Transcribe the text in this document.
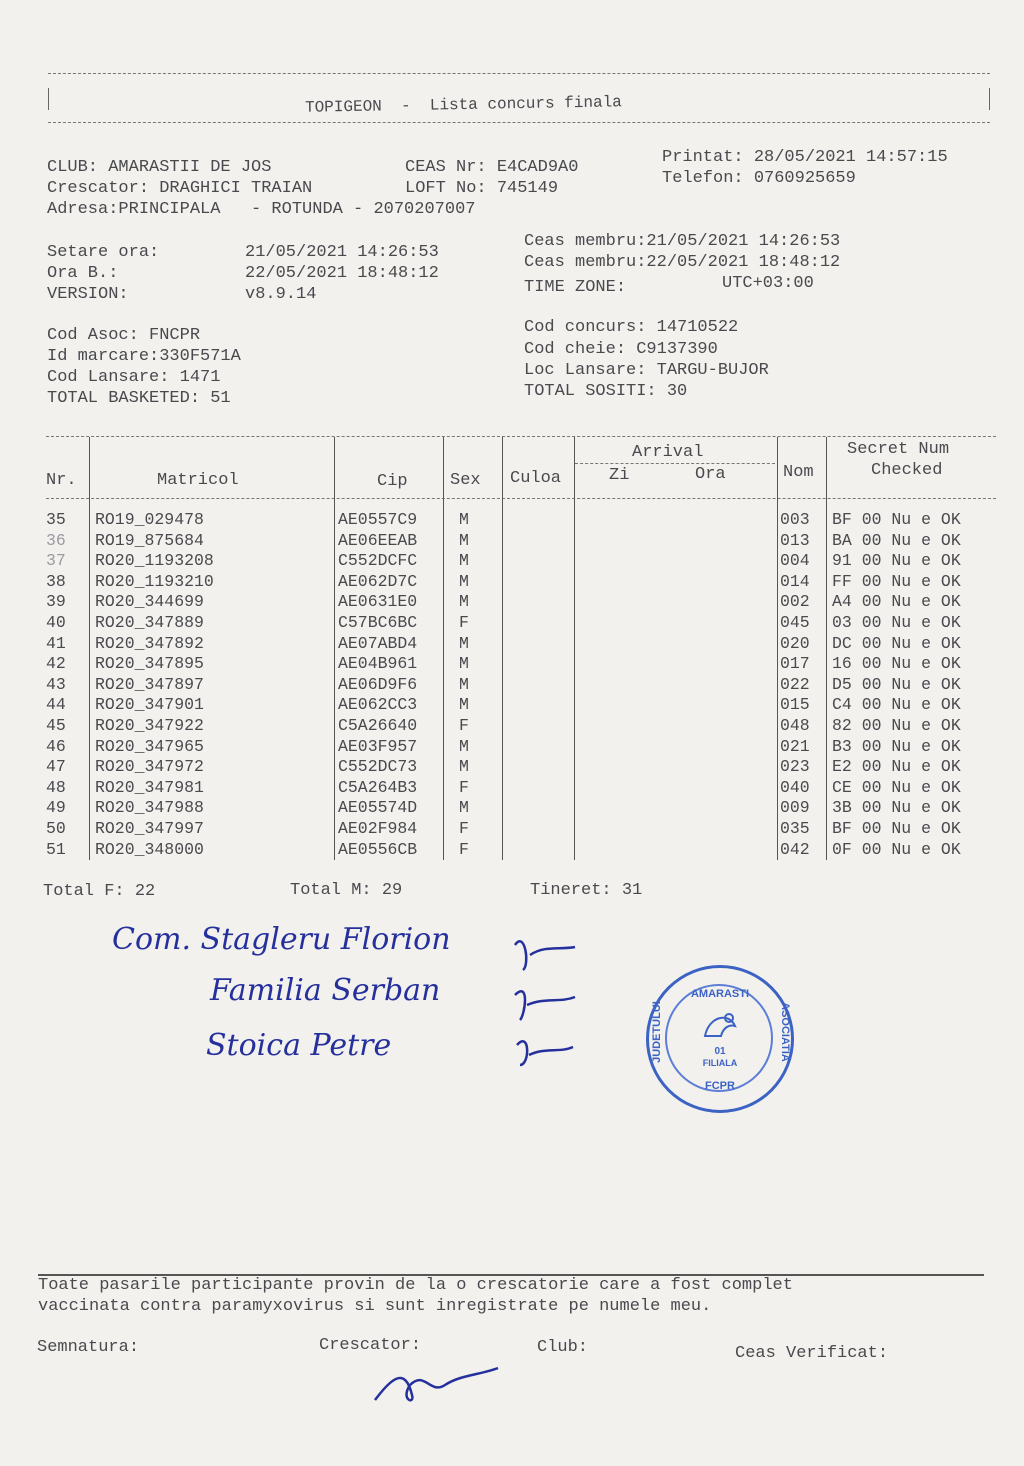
TOPIGEON  -  Lista concurs finala
CLUB: AMARASTII DE JOS
Crescator: DRAGHICI TRAIAN
Adresa:PRINCIPALA   - ROTUNDA - 2070207007
CEAS Nr: E4CAD9A0
LOFT No: 745149
Printat: 28/05/2021 14:57:15
Telefon: 0760925659
Setare ora:	21/05/2021 14:26:53
Ora B.:	22/05/2021 18:48:12
VERSION:	v8.9.14
Ceas membru:21/05/2021 14:26:53
Ceas membru:22/05/2021 18:48:12
TIME ZONE:	UTC+03:00
Cod Asoc: FNCPR
Id marcare:330F571A
Cod Lansare: 1471
TOTAL BASKETED: 51
Cod concurs: 14710522
Cod cheie: C9137390
Loc Lansare: TARGU-BUJOR
TOTAL SOSITI: 30
Nr.	Matricol	Cip Sex Culoa
Arrival
Zi	Ora	Nom
Secret Num
Checked
35 RO19_029478	AE0557C9	M	003 BF 00 Nu e OK
36 RO19_875684	AE06EEAB	M	013 BA 00 Nu e OK
37 RO20_1193208	C552DCFC	M	004 91 00 Nu e OK
38 RO20_1193210	AE062D7C	M	014 FF 00 Nu e OK
39 RO20_344699	AE0631E0	M	002 A4 00 Nu e OK
40 RO20_347889	C57BC6BC	F	045 03 00 Nu e OK
41 RO20_347892	AE07ABD4	M	020 DC 00 Nu e OK
42 RO20_347895	AE04B961	M	017 16 00 Nu e OK
43 RO20_347897	AE06D9F6	M	022 D5 00 Nu e OK
44 RO20_347901	AE062CC3	M	015 C4 00 Nu e OK
45 RO20_347922	C5A26640	F	048 82 00 Nu e OK
46 RO20_347965	AE03F957	M	021 B3 00 Nu e OK
47 RO20_347972	C552DC73	M	023 E2 00 Nu e OK
48 RO20_347981	C5A264B3	F	040 CE 00 Nu e OK
49 RO20_347988	AE05574D	M	009 3B 00 Nu e OK
50 RO20_347997	AE02F984	F	035 BF 00 Nu e OK
51 RO20_348000	AE0556CB	F	042 0F 00 Nu e OK
Total F: 22	Total M: 29	Tineret: 31
Com. Stagleru Florion
Familia Serban
Stoica Petre
AMARASTI
JUDETULUI	ASOCIATIA
FCPR
FILIALA
01
Toate pasarile participante provin de la o crescatorie care a fost complet
vaccinata contra paramyxovirus si sunt inregistrate pe numele meu.
Semnatura:	Crescator:	Club:	Ceas Verificat:
